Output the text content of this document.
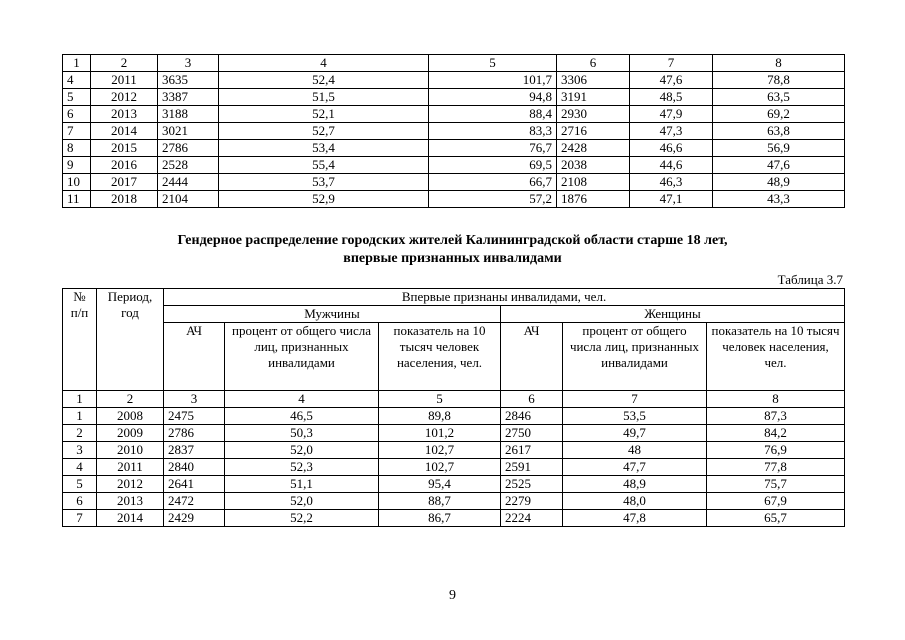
1	2	3	4	5	6	7	8
4	2011	3635	52,4	101,7	3306	47,6	78,8
5	2012	3387	51,5	94,8	3191	48,5	63,5
6	2013	3188	52,1	88,4	2930	47,9	69,2
7	2014	3021	52,7	83,3	2716	47,3	63,8
8	2015	2786	53,4	76,7	2428	46,6	56,9
9	2016	2528	55,4	69,5	2038	44,6	47,6
10	2017	2444	53,7	66,7	2108	46,3	48,9
11	2018	2104	52,9	57,2	1876	47,1	43,3
Гендерное распределение городских жителей Калининградской области старше 18 лет,
впервые признанных инвалидами
Таблица 3.7
№ п/п	Период, год	Впервые признаны инвалидами, чел.					
		Мужчины			Женщины		
		АЧ	процент от общего числа лиц, признанных инвалидами	показатель на 10 тысяч человек населения, чел.	АЧ	процент от общего числа лиц, признанных инвалидами	показатель на 10 тысяч человек населения, чел.
1	2	3	4	5	6	7	8
1	2008	2475	46,5	89,8	2846	53,5	87,3
2	2009	2786	50,3	101,2	2750	49,7	84,2
3	2010	2837	52,0	102,7	2617	48	76,9
4	2011	2840	52,3	102,7	2591	47,7	77,8
5	2012	2641	51,1	95,4	2525	48,9	75,7
6	2013	2472	52,0	88,7	2279	48,0	67,9
7	2014	2429	52,2	86,7	2224	47,8	65,7
9
